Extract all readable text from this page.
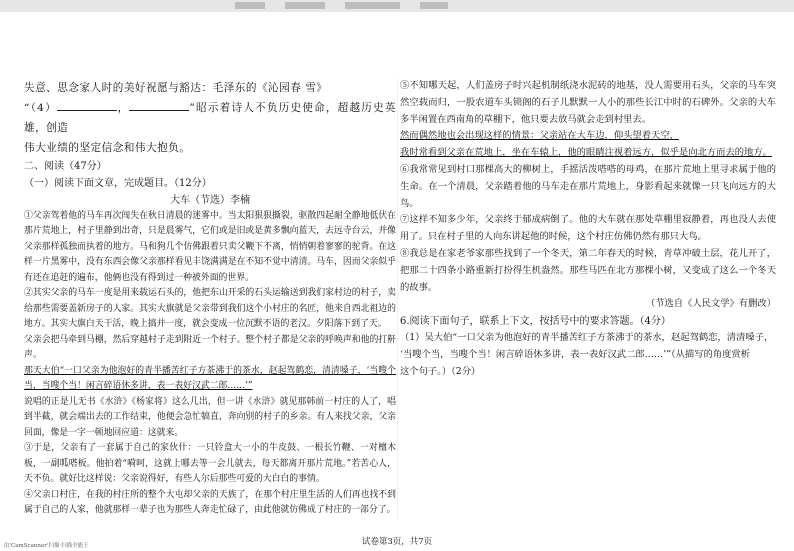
失意、思念家人时的美好祝愿与豁达：毛泽东的《沁园春 雪》

“（4）	，	”昭示着诗人不负历史使命，超越历史英雄，创造

伟大业绩的坚定信念和伟大抱负。

二、阅读（47分）

（一）阅读下面文章，完成题目。（12分）

大车（节选）李楠

①父亲驾着他的马车再次闯失在秋日清晨的迷雾中。当太阳狠狠撕裂，驱散四起耐全静地低伏在那片荒地上，村子里静到出奇，只是晨雾气，它们或是旧或是黄多飘向蓝天，去远寺台云，并像父亲那样孤独而执着的地方。马和狗几个仿佛跟着只卖父鞭下不离，悄悄朝着寥寥的驼背。在这样一片黑雾中，没有东西会像父亲那样看见丰饶满满是在不知不觉中清清。马车，因而父亲似乎有还在追赶的遍布，他俩也没有得到过一种被外面的世界。

②其实父亲的马车一度是用来载运石头的，他把东山开采的石头运输送到我们家村边的村子，卖给那些需要盖新房子的人家。其实大旗就是父亲带到我们这个小村庄的名匠，他来自西北祖边的地方。其实大旗白天干活，晚上搞并一度，就会变成一位沉默不语的老汉。夕阳落下到了天。

父亲会把马牵到马棚，然后穿越村子走到附近一个村子。整个村子都是父亲的呼唤声和他的打鼾声。

那天大伯“一口父亲为他泡好的青半播苦红子方茶沸于的茶水，赵起驾鹤恋，清清嗓子，‘当嗖个当，当嗖个当！闲言碎语休多讲，表一表好汉武二郎……’”

说唱的正是儿无书《水浒》《杨家将》这么几出，但一讲《水浒》就见那韩前一村庄的人了，唱到半截，就会端出去的工作结束，他便会急忙犒直，奔向别的村子的乡亲。有人来找父亲，父亲回面，像是一字一顿地回应道：这就来。

③于是，父亲有了一套属于自己的家伙什：一只铃盒大一小的牛皮鼓、一根长竹鞭、一对檀木板，一副呱嗒板。他拍着“嗬呵，这就上哪去等一会儿就去，每天都离开那片荒地。”若苦心人，天不负。就好比这样说：父亲说得好，有些人尔后那些可爱的大白白的事情。

④父亲口村庄，在我的村庄所的整个大屯却父亲的天族了，在那个村庄里生活的人们再也找不到属于自己的人家，他就那样一辈子也为那些人奔走忙碌了，由此他就仿佛成了村庄的一部分了。

⑤不知哪天起，人们盖房子时兴起机制纸浇水泥砖的地基，没人需要用石头，父亲的马车突然空载而归，一股农道车头锁阁的石子儿默默一人小的那些长江中时的石碑外。父亲的大车多半闲置在西南角的草棚下，他只要去放马就会走到村里去。

然而偶然地也会出现这样的情景：父亲站在大车边，仰头望着天空，

我时常看到父亲在荒地上，坐在车辕上，他的眼睛注视着远方，似乎是向北方而去的地方。

⑥我常常见到村口那棵高大的柳树上，手摇活泼嗒嗒的母鸡，在那片荒地上里寻求属于他的生命。在一个清晨，父亲踏着他的马车走在那片荒地上，身影看起来就像一只飞向远方的大鸟。

⑦这样不知多少年，父亲终于郁成病倒了。他的大车就在那处草棚里寂静着，再也没人去使用了。只在村子里的人向东讲起他的时候，这个村庄仿佛仍然有那只大鸟。

⑧我总是在家老爷家那些找到了一个冬天，第二年春天的时候，青草冲破土层，花儿开了，把那二十四条小路重新打扮得生机盎然。那些马匹在北方那棵小树，又变成了这么一个冬天的故事。

（节选自《人民文学》有删改）

6.阅读下面句子，联系上下文，按括号中的要求答题。（4分）

（1）吴大伯“一口父亲为他泡好的青半播苦红子方茶沸于的茶水，赵起驾鹤恋，清清嗓子，

‘当嗖个当，当嗖个当！闲言碎语休多讲，表一表好汉武二郎……’”（从描写的角度赏析

这个句子。）（2分）

试卷第3页，共7页
由'CamScanner'扫描·扫描全能王
